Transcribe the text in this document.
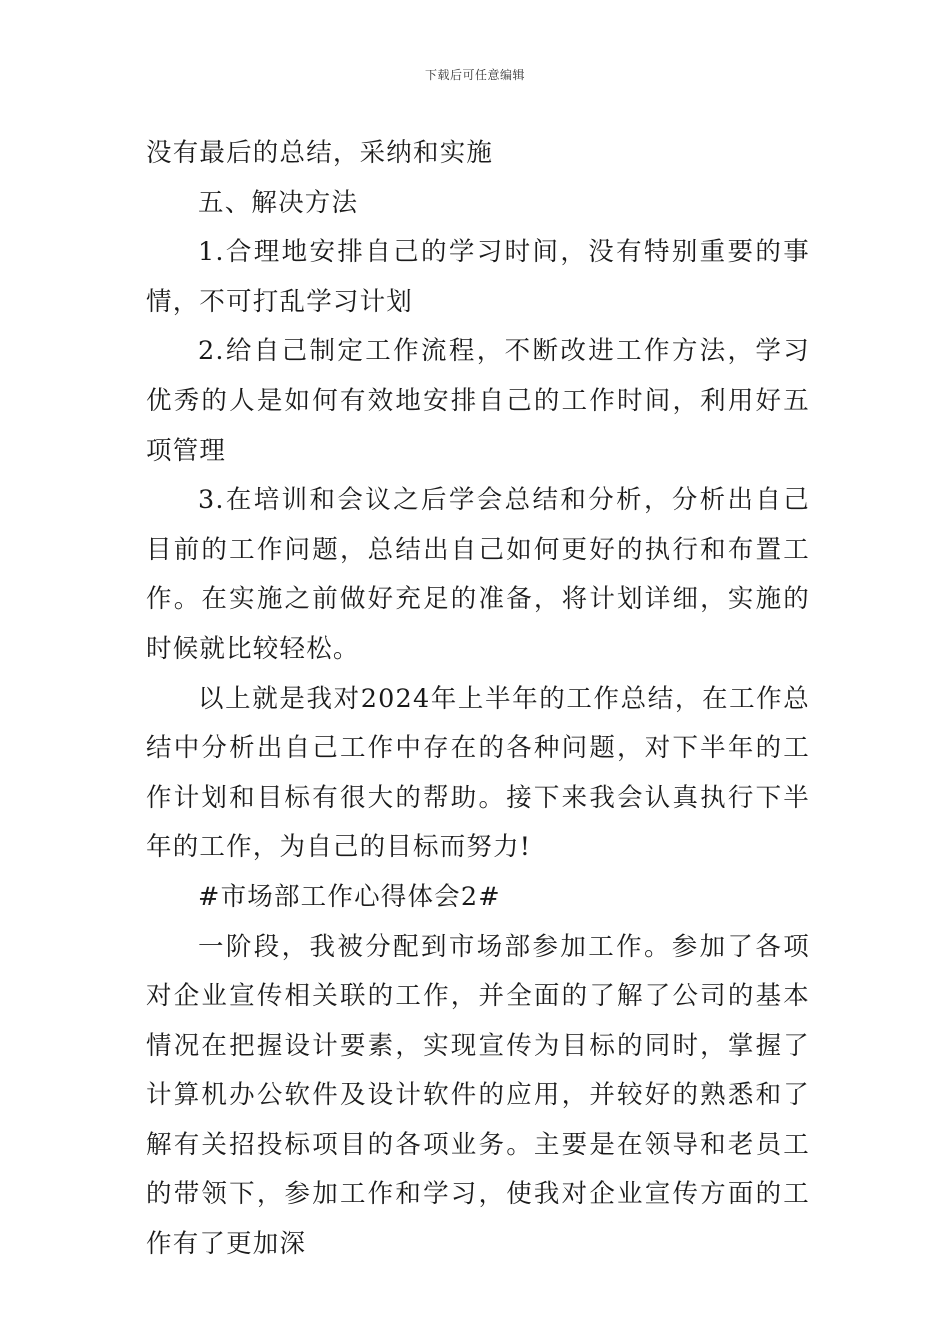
下载后可任意编辑

没有最后的总结，采纳和实施

五、解决方法

1.合理地安排自己的学习时间，没有特别重要的事情，不可打乱学习计划

2.给自己制定工作流程，不断改进工作方法，学习优秀的人是如何有效地安排自己的工作时间，利用好五项管理

3.在培训和会议之后学会总结和分析，分析出自己目前的工作问题，总结出自己如何更好的执行和布置工作。在实施之前做好充足的准备，将计划详细，实施的时候就比较轻松。

以上就是我对2024年上半年的工作总结，在工作总结中分析出自己工作中存在的各种问题，对下半年的工作计划和目标有很大的帮助。接下来我会认真执行下半年的工作，为自己的目标而努力!

#市场部工作心得体会2#

一阶段，我被分配到市场部参加工作。参加了各项对企业宣传相关联的工作，并全面的了解了公司的基本情况在把握设计要素，实现宣传为目标的同时，掌握了计算机办公软件及设计软件的应用，并较好的熟悉和了解有关招投标项目的各项业务。主要是在领导和老员工的带领下，参加工作和学习，使我对企业宣传方面的工作有了更加深
